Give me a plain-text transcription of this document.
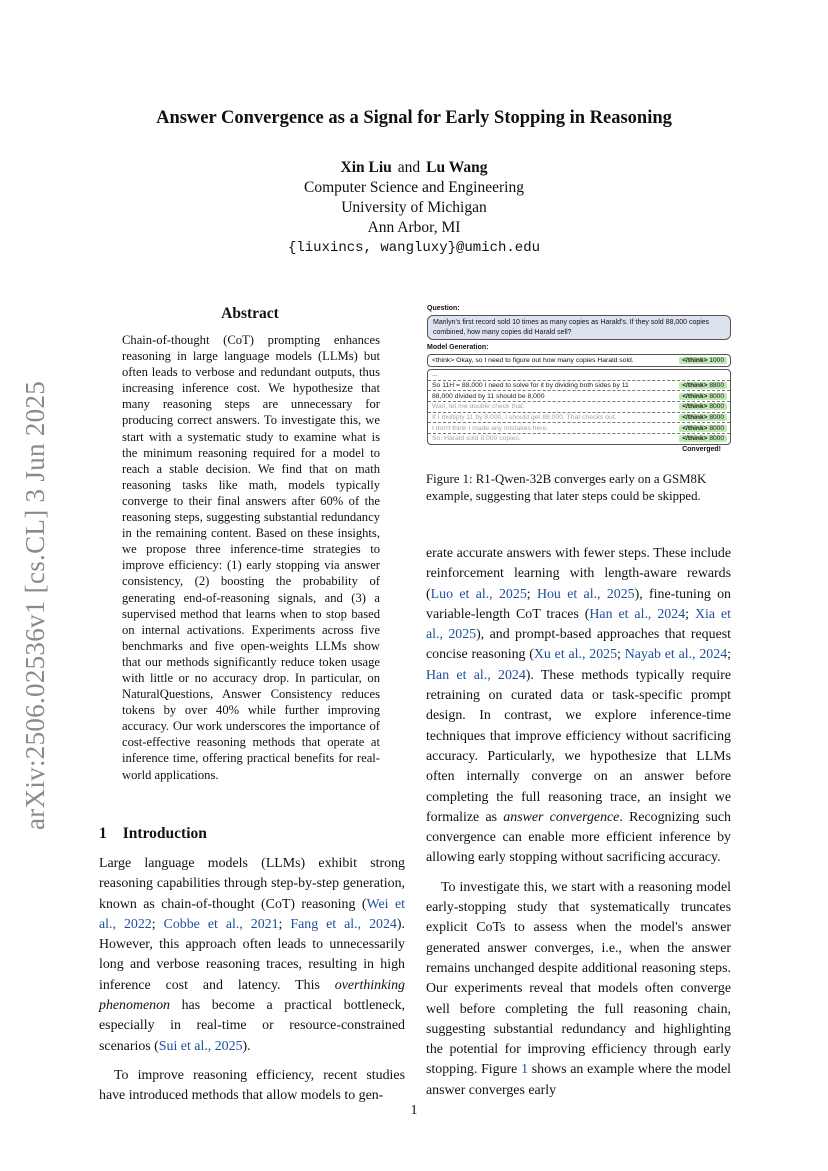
arXiv:2506.02536v1 [cs.CL] 3 Jun 2025
Answer Convergence as a Signal for Early Stopping in Reasoning
Xin Liu and Lu Wang
Computer Science and Engineering
University of Michigan
Ann Arbor, MI
{liuxincs, wangluxy}@umich.edu
Abstract
Chain-of-thought (CoT) prompting enhances reasoning in large language models (LLMs) but often leads to verbose and redundant outputs, thus increasing inference cost. We hypothesize that many reasoning steps are unnecessary for producing correct answers. To investigate this, we start with a systematic study to examine what is the minimum reasoning required for a model to reach a stable decision. We find that on math reasoning tasks like math, models typically converge to their final answers after 60% of the reasoning steps, suggesting substantial redundancy in the remaining content. Based on these insights, we propose three inference-time strategies to improve efficiency: (1) early stopping via answer consistency, (2) boosting the probability of generating end-of-reasoning signals, and (3) a supervised method that learns when to stop based on internal activations. Experiments across five benchmarks and five open-weights LLMs show that our methods significantly reduce token usage with little or no accuracy drop. In particular, on NaturalQuestions, Answer Consistency reduces tokens by over 40% while further improving accuracy. Our work underscores the importance of cost-effective reasoning methods that operate at inference time, offering practical benefits for real-world applications.
1 Introduction

Large language models (LLMs) exhibit strong reasoning capabilities through step-by-step generation, known as chain-of-thought (CoT) reasoning (Wei et al., 2022; Cobbe et al., 2021; Fang et al., 2024). However, this approach often leads to unnecessarily long and verbose reasoning traces, resulting in high inference cost and latency. This overthinking phenomenon has become a practical bottleneck, especially in real-time or resource-constrained scenarios (Sui et al., 2025).

To improve reasoning efficiency, recent studies have introduced methods that allow models to gen-

Question:
Marilyn's first record sold 10 times as many copies as Harald's. If they sold 88,000 copies combined, how many copies did Harald sell?
Model Generation:
<think> Okay, so I need to figure out how many copies Harald sold.	</think> 1000
...
So 11H = 88,000 I need to solve for it by dividing both sides by 11	</think> 8800
88,000 divided by 11 should be 8,000	</think> 8000
Wait, let me double check that.	</think> 8000
If I multiply 11 by 8,000, I should get 88,000. That checks out.	</think> 8000
I don't think I made any mistakes here.	</think> 8000
So, Harald sold 8,000 copies.	</think> 8000
Converged!
Figure 1: R1-Qwen-32B converges early on a GSM8K example, suggesting that later steps could be skipped.

erate accurate answers with fewer steps. These include reinforcement learning with length-aware rewards (Luo et al., 2025; Hou et al., 2025), fine-tuning on variable-length CoT traces (Han et al., 2024; Xia et al., 2025), and prompt-based approaches that request concise reasoning (Xu et al., 2025; Nayab et al., 2024; Han et al., 2024). These methods typically require retraining on curated data or task-specific prompt design. In contrast, we explore inference-time techniques that improve efficiency without sacrificing accuracy. Particularly, we hypothesize that LLMs often internally converge on an answer before completing the full reasoning trace, an insight we formalize as answer convergence. Recognizing such convergence can enable more efficient inference by allowing early stopping without sacrificing accuracy.

To investigate this, we start with a reasoning model early-stopping study that systematically truncates explicit CoTs to assess when the model's answer generated answer converges, i.e., when the answer remains unchanged despite additional reasoning steps. Our experiments reveal that models often converge well before completing the full reasoning chain, suggesting substantial redundancy and highlighting the potential for improving efficiency through early stopping. Figure 1 shows an example where the model answer converges early

1
